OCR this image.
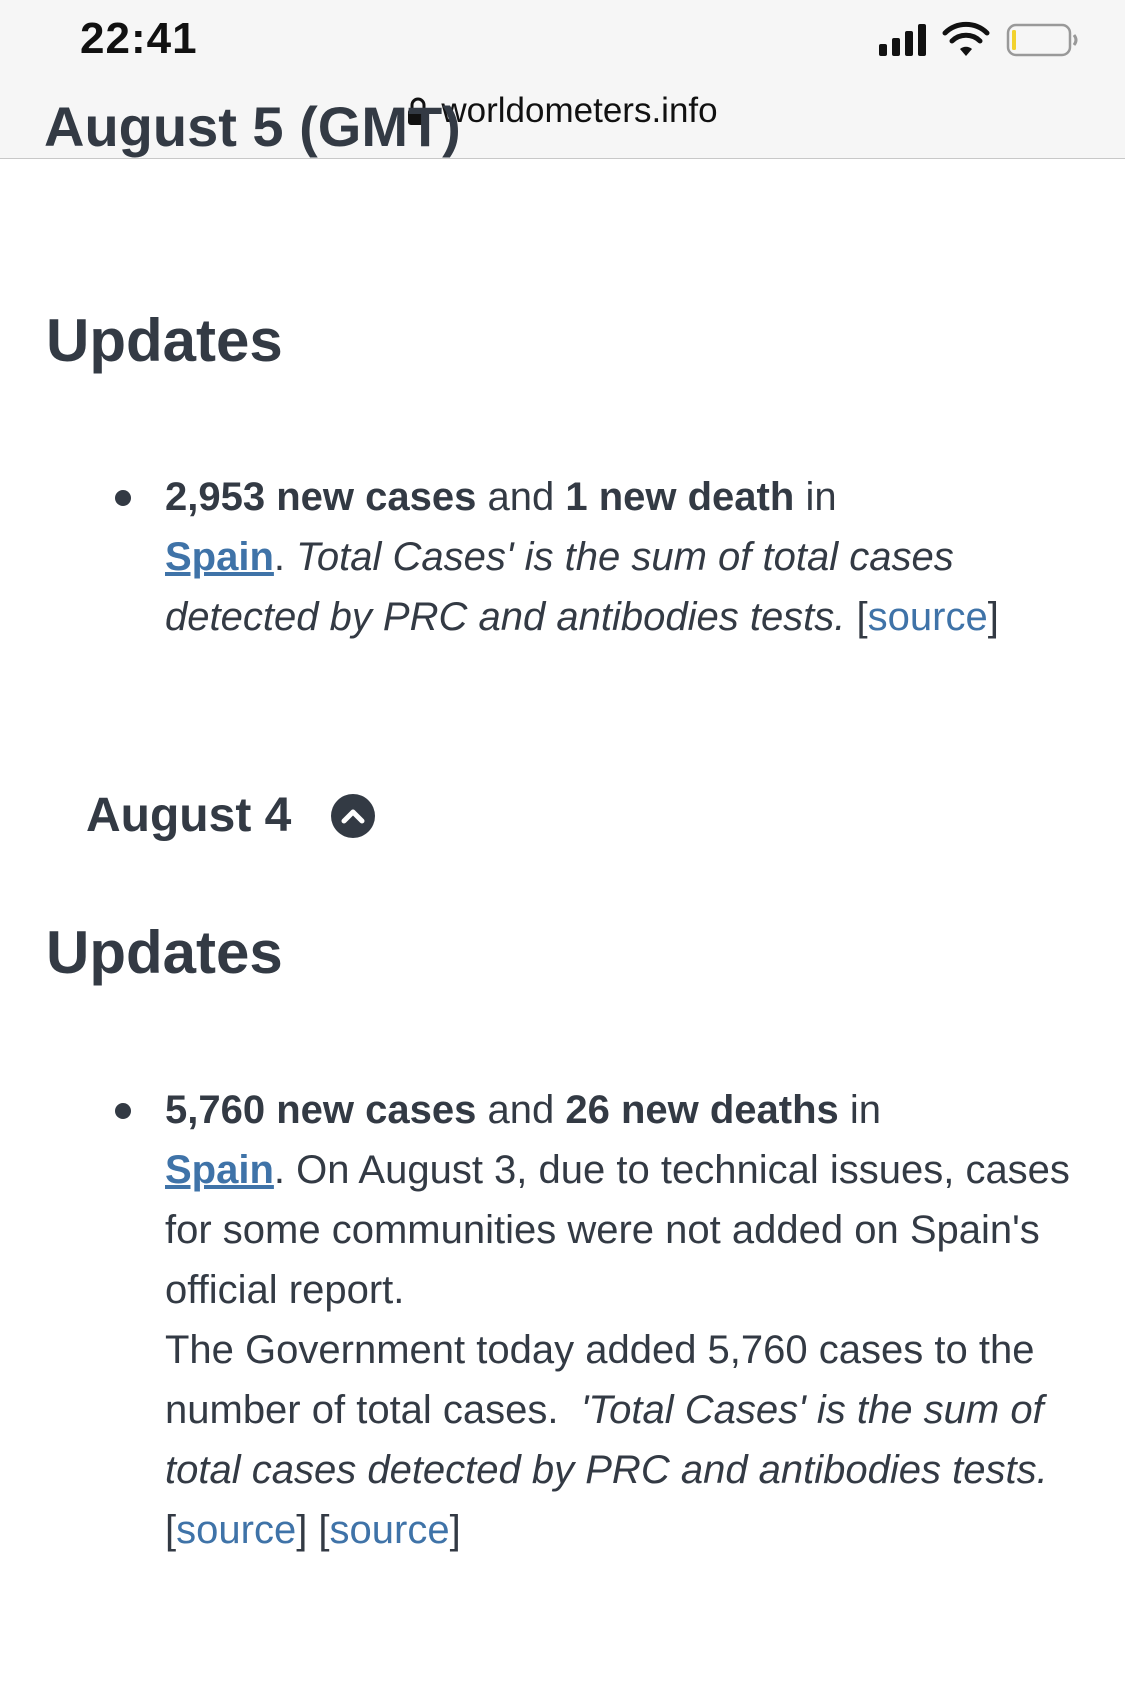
22:41
worldometers.info
August 5 (GMT)
Updates
2,953 new cases and 1 new death in
Spain. Total Cases' is the sum of total cases detected by PRC and antibodies tests. [source]
August 4
Updates
5,760 new cases and 26 new deaths in
Spain. On August 3, due to technical issues, cases for some communities were not added on Spain's official report.
The Government today added 5,760 cases to the number of total cases. 'Total Cases' is the sum of total cases detected by PRC and antibodies tests. [source] [source]
